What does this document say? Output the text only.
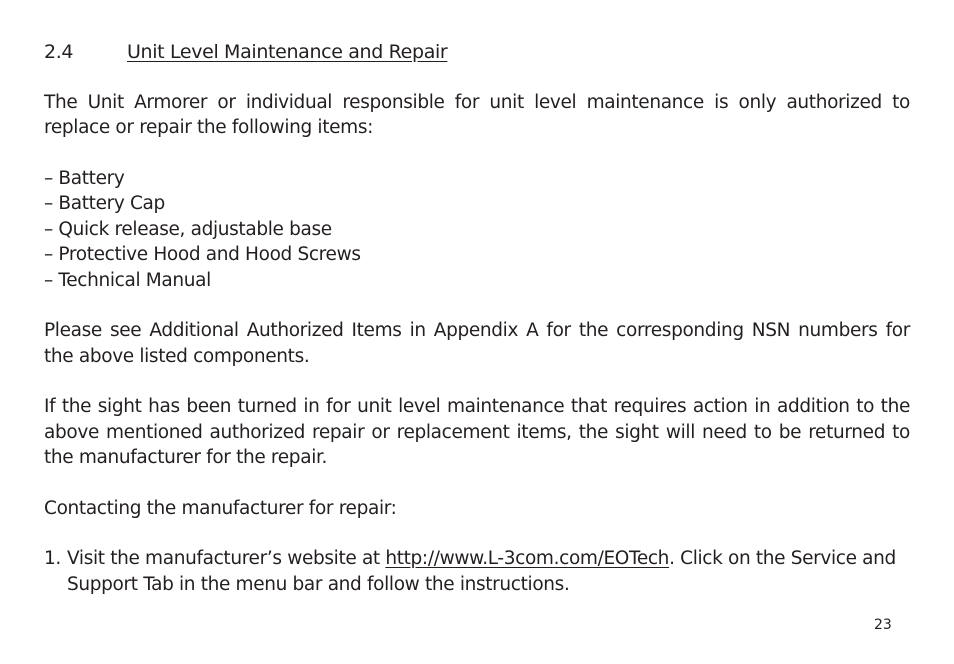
2.4	Unit Level Maintenance and Repair

The Unit Armorer or individual responsible for unit level maintenance is only authorized to replace or repair the following items:

– Battery
– Battery Cap
– Quick release, adjustable base
– Protective Hood and Hood Screws
– Technical Manual

Please see Additional Authorized Items in Appendix A for the corresponding NSN numbers for the above listed components.

If the sight has been turned in for unit level maintenance that requires action in addition to the above mentioned authorized repair or replacement items, the sight will need to be returned to the manufacturer for the repair.

Contacting the manufacturer for repair:

1. Visit the manufacturer’s website at http://www.L-3com.com/EOTech. Click on the Service and Support Tab in the menu bar and follow the instructions.
23
